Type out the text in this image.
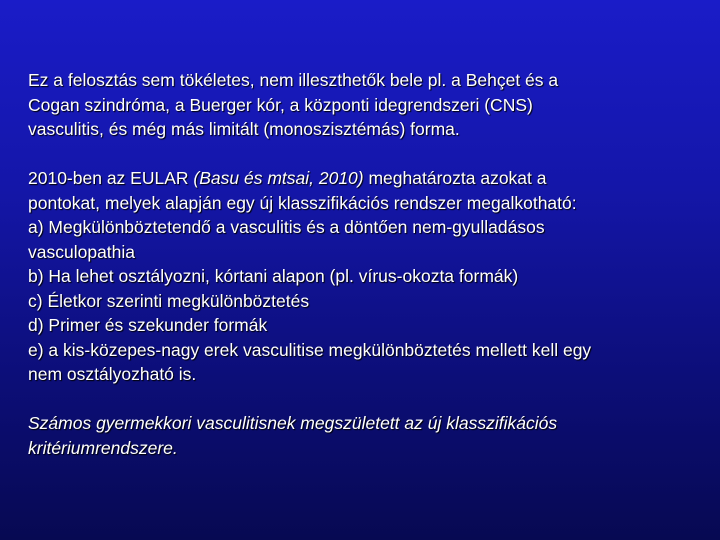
Ez a felosztás sem tökéletes, nem illeszthetők bele pl. a Behçet és a
Cogan szindróma, a Buerger kór, a központi idegrendszeri (CNS)
vasculitis, és még más limitált (monoszisztémás) forma.

2010-ben az EULAR (Basu és mtsai, 2010) meghatározta azokat a
pontokat, melyek alapján egy új klasszifikációs rendszer megalkotható:
a) Megkülönböztetendő a vasculitis és a döntően nem-gyulladásos
vasculopathia
b) Ha lehet osztályozni, kórtani alapon (pl. vírus-okozta formák)
c) Életkor szerinti megkülönböztetés
d) Primer és szekunder formák
e) a kis-közepes-nagy erek vasculitise megkülönböztetés mellett kell egy
nem osztályozható is.

Számos gyermekkori vasculitisnek megszületett az új klasszifikációs
kritériumrendszere.
